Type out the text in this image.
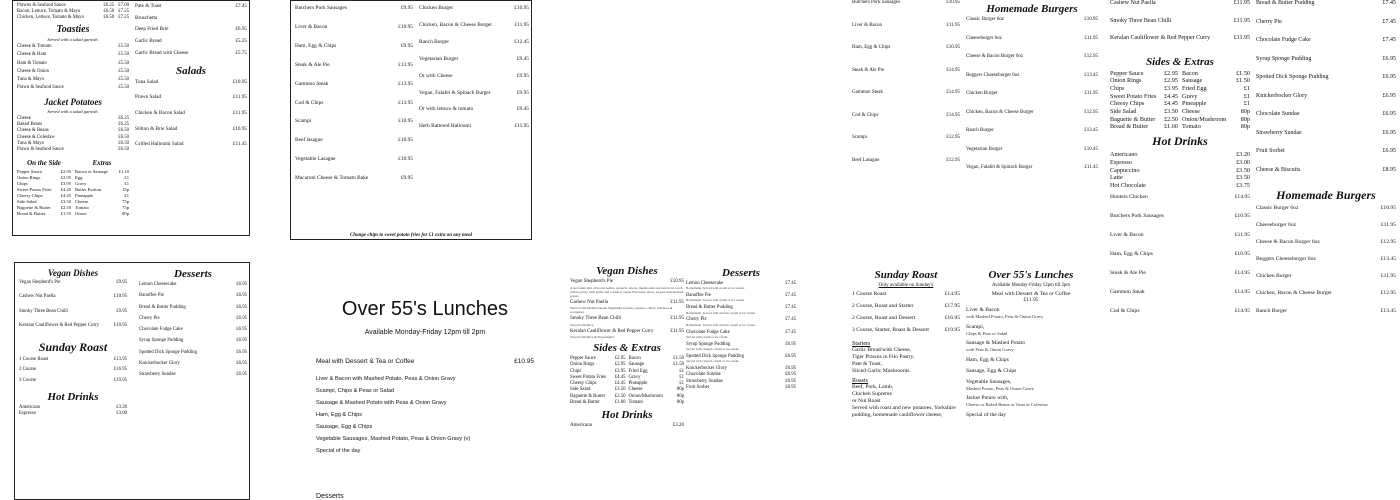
Prawns & Seafood Sauce	£6.25 £7.00
Bacon, Lettuce, Tomato & Mayo	£6.50 £7.25
Chicken, Lettuce, Tomato & Mayo	£6.50 £7.25
Toasties
Served with a salad garnish.
Cheese & Tomato	£5.50
Cheese & Ham	£5.50
Ham & Tomato	£5.50
Cheese & Onion	£5.50
Tuna & Mayo	£5.50
Prawn & Seafood Sauce	£5.50
Jacket Potatoes
Served with a salad garnish.
Cheese	£6.25
Baked Beans	£6.25
Cheese & Beans	£6.50
Cheese & Coleslaw	£6.50
Tuna & Mayo	£6.50
Prawn & Seafood Sauce	£6.50
On the Side
Pepper Sauce	£2.95
Onion Rings	£2.95
Chips	£3.95
Sweet Potato Fries £4.45
Cheesy Chips	£4.45
Side Salad	£3.50
Baguette & Butter £2.50
Bread & Butter	£1.55
Extras
Bacon or Sausage £1.10
Egg	£1
Gravy	£1
Butter Portion	15p
Pineapple	£1
Cheese	75p
Tomato	75p
Onion	80p
Pate & Toast	£7.45
Bruschetta
Deep Fried Brie	£6.95
Garlic Bread	£5.25
Garlic Bread with Cheese	£5.75
Salads
Tuna Salad	£10.95
Prawn Salad	£11.95
Chicken & Bacon Salad	£11.95
Stilton & Brie Salad	£10.95
Grilled Halloumi Salad	£11.45
Butchers Pork Sausages	£9.95
Liver & Bacon	£10.95
Ham, Egg & Chips	£9.95
Steak & Ale Pie	£13.95
Gammon Steak	£13.95
Cod & Chips	£13.95
Scampi	£10.95
Beef lasagne	£10.95
Vegetable Lasagne	£10.95
Macaroni Cheese & Tomato Bake	£9.95
Chicken Burger	£10.95
Chicken, Bacon & Cheese Burger	£11.95
Ranch Burger	£12.45
Vegetarian Burger	£9.45
Or with Cheese	£9.95
Vegan, Falafel & Spinach Burger	£9.95
Or with lettuce & tomato	£9.45
Herb Battered Halloumi	£11.95
Change chips to sweet potato fries for £1 extra on any meal
Vegan Dishes
Vegan Shepherd's Pie	£9.95
Cashew Nut Paella	£10.95
Smoky Three Bean Chilli	£9.95
Keralan Cauliflower & Red Pepper Curry	£10.95
Sunday Roast
1 Course Roast	£13.95
2 Course	£16.95
3 Course	£19.95
Hot Drinks
Americano	£3.20
Espresso	£3.00
Desserts
Lemon Cheesecake	£6.95
Banoffee Pie	£6.95
Bread & Butter Pudding	£6.95
Cherry Pie	£6.95
Chocolate Fudge Cake	£6.95
Syrup Sponge Pudding	£6.95
Spotted Dick Sponge Pudding	£6.95
Knickerbocker Glory	£6.95
Strawberry Sundae	£6.95
Over 55's Lunches
Available Monday-Friday 12pm till 2pm
Meal with Dessert & Tea or Coffee	£10.95
Liver & Bacon with Mashed Potato, Peas & Onion Gravy
Scampi, Chips & Peas or Salad
Sausage & Mashed Potato with Peas & Onion Gravy
Ham, Egg & Chips
Sausage, Egg & Chips
Vegetable Sausages, Mashed Potato, Peas & Onion Gravy (v)
Special of the day
Desserts
Vegan Dishes
Vegan Shepherd's Pie	£10.95
A succulent mix of brown lentils, spinach, onions, mushrooms and carrots in a rich tomato gravy with garlic and a dash of vegan Worcester sauce, topped with mashed potato.
Cashew Nut Paella	£11.95
Served with Mediterranean Vegetables (onions, peppers, cherry tomatoes & courgette).
Smoky Three Bean Chilli	£11.95
Served with Rice
Keralan Cauliflower & Red Pepper Curry	£11.95
Served with Rice & Poppadom's
Sides & Extras
Pepper Sauce	£2.95
Onion Rings	£2.95
Chips	£3.95
Sweet Potato Fries £4.45
Cheesy Chips	£4.45
Side Salad	£3.50
Baguette & Butter £2.50
Bread & Butter	£1.60
Bacon	£1.50
Sausage	£1.50
Fried Egg	£1
Gravy	£1
Pineapple	£1
Cheese	80p
Onion/Mushroom	80p
Tomato	80p
Hot Drinks
Americano	£3.20
Desserts
Lemon Cheesecake	£7.45
Homemade. Served with cream or ice cream.
Banoffee Pie	£7.45
Homemade. Served with cream or ice cream.
Bread & Butter Pudding	£7.45
Homemade. Served with custard, cream or ice cream.
Cherry Pie	£7.45
Homemade. Served with custard, cream or ice cream.
Chocolate Fudge Cake	£7.45
Served with cream or ice cream.
Syrup Sponge Pudding	£6.95
Served with custard, cream or ice cream.
Spotted Dick Sponge Pudding	£6.95
Served with custard, cream or ice cream.
Knickerbocker Glory	£6.95
Chocolate Sundae	£6.95
Strawberry Sundae	£6.95
Fruit Sorbet	£6.95
Butchers Pork Sausages	£10.95
Liver & Bacon	£11.95
Ham, Egg & Chips	£10.95
Steak & Ale Pie	£14.95
Gammon Steak	£14.95
Cod & Chips	£14.95
Scampi	£12.95
Beef Lasagne	£12.95
Sunday Roast
Only available on Sunday's
1 Course Roast	£14.95
2 Course, Roast and Starter	£17.95
2 Course, Roast and Dessert	£16.95
3 Course, Starter, Roast & Dessert	£19.95
Starters
Garlic Bread/with Cheese,
Tiger Prawns in Filo Pastry,
Pate & Toast,
Sliced Garlic Mushrooms.
Roasts
Beef, Pork, Lamb,
Chicken Supreme
or Nut Roast
Served with roast and new potatoes, Yorkshire pudding, homemade cauliflower cheese,
Homemade Burgers
Classic Burger 6oz	£10.95
Cheeseburger 6oz	£11.95
Cheese & Bacon Burger 6oz	£12.95
Beggers Cheeseburger 6oz	£13.45
Chicken Burger	£11.95
Chicken, Bacon & Cheese Burger	£12.95
Ranch Burger	£13.45
Vegetarian Burger	£10.45
Vegan, Falafel & Spinach Burger	£11.45
Over 55's Lunches
Available Monday-Friday 12pm till 2pm
Meal with Dessert & Tea or Coffee
£11.95
Liver & Bacon
with Mashed Potato, Peas & Onion Gravy
Scampi,
Chips & Peas or Salad
Sausage & Mashed Potato
with Peas & Onion Gravy
Ham, Egg & Chips
Sausage, Egg & Chips
Vegetable Sausages,
Mashed Potato, Peas & Onion Gravy
Jacket Potato with,
Cheese or Baked Beans or Tuna or Coleslaw
Special of the day
Cashew Nut Paella	£11.95
Smoky Three Bean Chilli	£11.95
Keralan Cauliflower & Red Pepper Curry	£11.95
Sides & Extras
Pepper Sauce	£2.95
Onion Rings	£2.95
Chips	£3.95
Sweet Potato Fries £4.45
Cheesy Chips	£4.45
Side Salad	£3.50
Baguette & Butter £2.50
Bread & Butter	£1.60
Bacon	£1.50
Sausage	£1.50
Fried Egg	£1
Gravy	£1
Pineapple	£1
Cheese	80p
Onion/Mushroom 80p
Tomato	80p
Hot Drinks
Americano	£3.20
Espresso	£3.00
Cappuccino	£3.50
Latte	£3.50
Hot Chocolate	£3.75
Hunters Chicken	£14.95
Butchers Pork Sausages	£10.95
Liver & Bacon	£11.95
Ham, Egg & Chips	£10.95
Steak & Ale Pie	£14.95
Gammon Steak	£14.95
Cod & Chips	£14.95
Bread & Butter Pudding	£7.45
Cherry Pie	£7.45
Chocolate Fudge Cake	£7.45
Syrup Sponge Pudding	£6.95
Spotted Dick Sponge Pudding	£6.95
Knickerbocker Glory	£6.95
Chocolate Sundae	£6.95
Strawberry Sundae	£6.95
Fruit Sorbet	£6.95
Cheese & Biscuits	£8.95
Homemade Burgers
Classic Burger 6oz	£10.95
Cheeseburger 6oz	£11.95
Cheese & Bacon Burger 6oz	£12.95
Beggers Cheeseburger 6oz	£13.45
Chicken Burger	£11.95
Chicken, Bacon & Cheese Burger	£12.95
Ranch Burger	£13.45
